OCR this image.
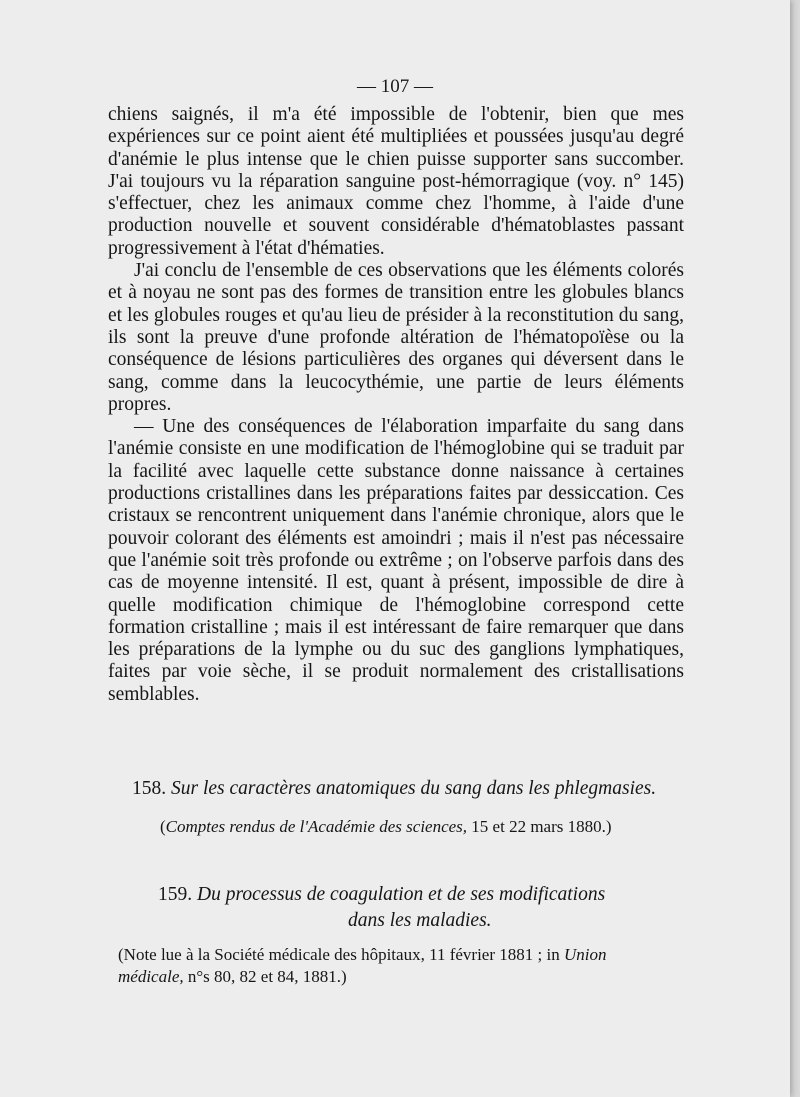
— 107 —

chiens saignés, il m'a été impossible de l'obtenir, bien que mes expériences sur ce point aient été multipliées et poussées jusqu'au degré d'anémie le plus intense que le chien puisse supporter sans succomber. J'ai toujours vu la réparation sanguine post-hémorragique (voy. n° 145) s'effectuer, chez les animaux comme chez l'homme, à l'aide d'une production nouvelle et souvent considérable d'hématoblastes passant progressivement à l'état d'hématies.

J'ai conclu de l'ensemble de ces observations que les éléments colorés et à noyau ne sont pas des formes de transition entre les globules blancs et les globules rouges et qu'au lieu de présider à la reconstitution du sang, ils sont la preuve d'une profonde altération de l'hématopoïèse ou la conséquence de lésions particulières des organes qui déversent dans le sang, comme dans la leucocythémie, une partie de leurs éléments propres.

— Une des conséquences de l'élaboration imparfaite du sang dans l'anémie consiste en une modification de l'hémoglobine qui se traduit par la facilité avec laquelle cette substance donne naissance à certaines productions cristallines dans les préparations faites par dessiccation. Ces cristaux se rencontrent uniquement dans l'anémie chronique, alors que le pouvoir colorant des éléments est amoindri ; mais il n'est pas nécessaire que l'anémie soit très profonde ou extrême ; on l'observe parfois dans des cas de moyenne intensité. Il est, quant à présent, impossible de dire à quelle modification chimique de l'hémoglobine correspond cette formation cristalline ; mais il est intéressant de faire remarquer que dans les préparations de la lymphe ou du suc des ganglions lymphatiques, faites par voie sèche, il se produit normalement des cristallisations semblables.

158. Sur les caractères anatomiques du sang dans les phlegmasies.
(Comptes rendus de l'Académie des sciences, 15 et 22 mars 1880.)
159. Du processus de coagulation et de ses modifications
dans les maladies.
(Note lue à la Société médicale des hôpitaux, 11 février 1881 ; in Union
médicale, n°s 80, 82 et 84, 1881.)
